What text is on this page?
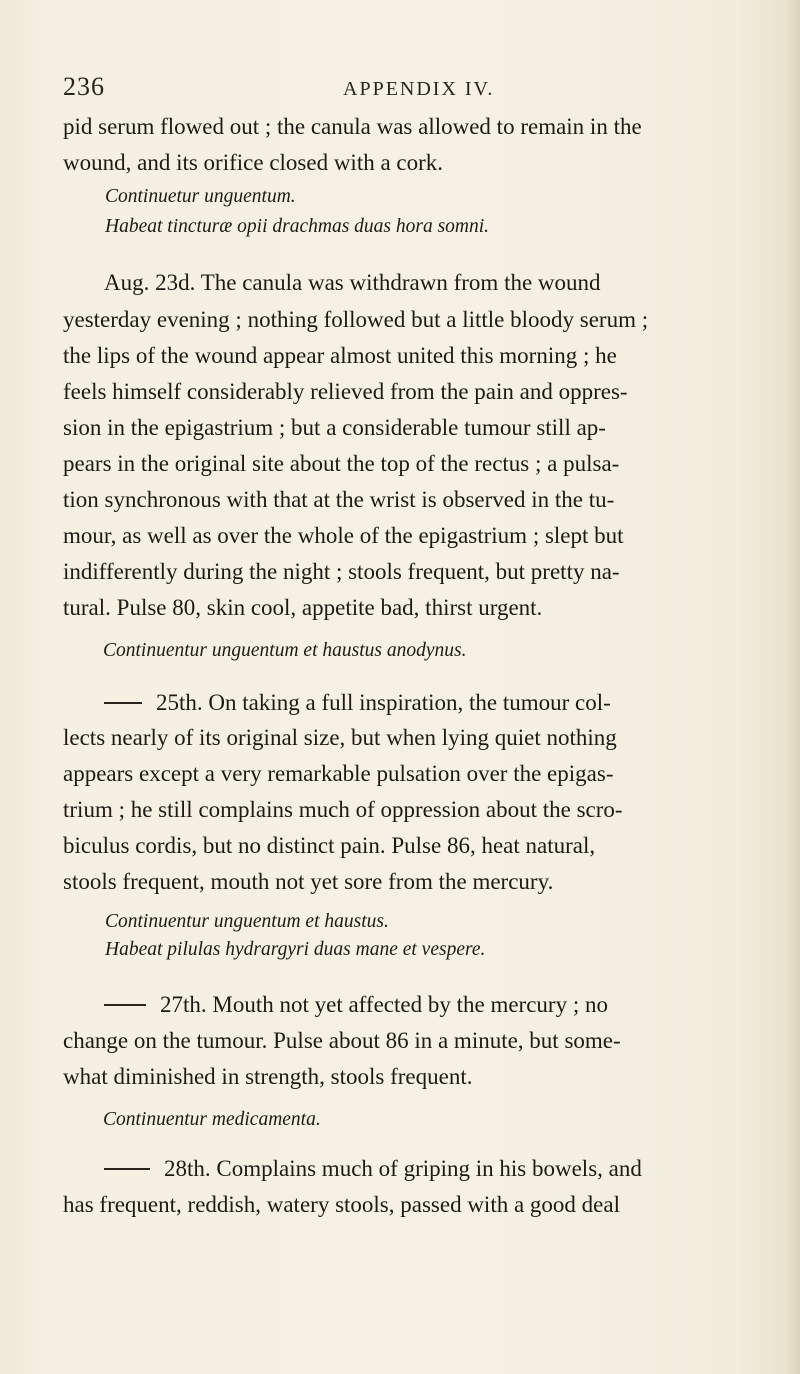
236	APPENDIX IV.
pid serum flowed out ; the canula was allowed to remain in the
wound, and its orifice closed with a cork.
Continuetur unguentum.
Habeat tincturæ opii drachmas duas hora somni.
Aug. 23d. The canula was withdrawn from the wound
yesterday evening ; nothing followed but a little bloody serum ;
the lips of the wound appear almost united this morning ; he
feels himself considerably relieved from the pain and oppres-
sion in the epigastrium ; but a considerable tumour still ap-
pears in the original site about the top of the rectus ; a pulsa-
tion synchronous with that at the wrist is observed in the tu-
mour, as well as over the whole of the epigastrium ; slept but
indifferently during the night ; stools frequent, but pretty na-
tural. Pulse 80, skin cool, appetite bad, thirst urgent.
Continuentur unguentum et haustus anodynus.
25th. On taking a full inspiration, the tumour col-
lects nearly of its original size, but when lying quiet nothing
appears except a very remarkable pulsation over the epigas-
trium ; he still complains much of oppression about the scro-
biculus cordis, but no distinct pain. Pulse 86, heat natural,
stools frequent, mouth not yet sore from the mercury.
Continuentur unguentum et haustus.
Habeat pilulas hydrargyri duas mane et vespere.
27th. Mouth not yet affected by the mercury ; no
change on the tumour. Pulse about 86 in a minute, but some-
what diminished in strength, stools frequent.
Continuentur medicamenta.
28th. Complains much of griping in his bowels, and
has frequent, reddish, watery stools, passed with a good deal
